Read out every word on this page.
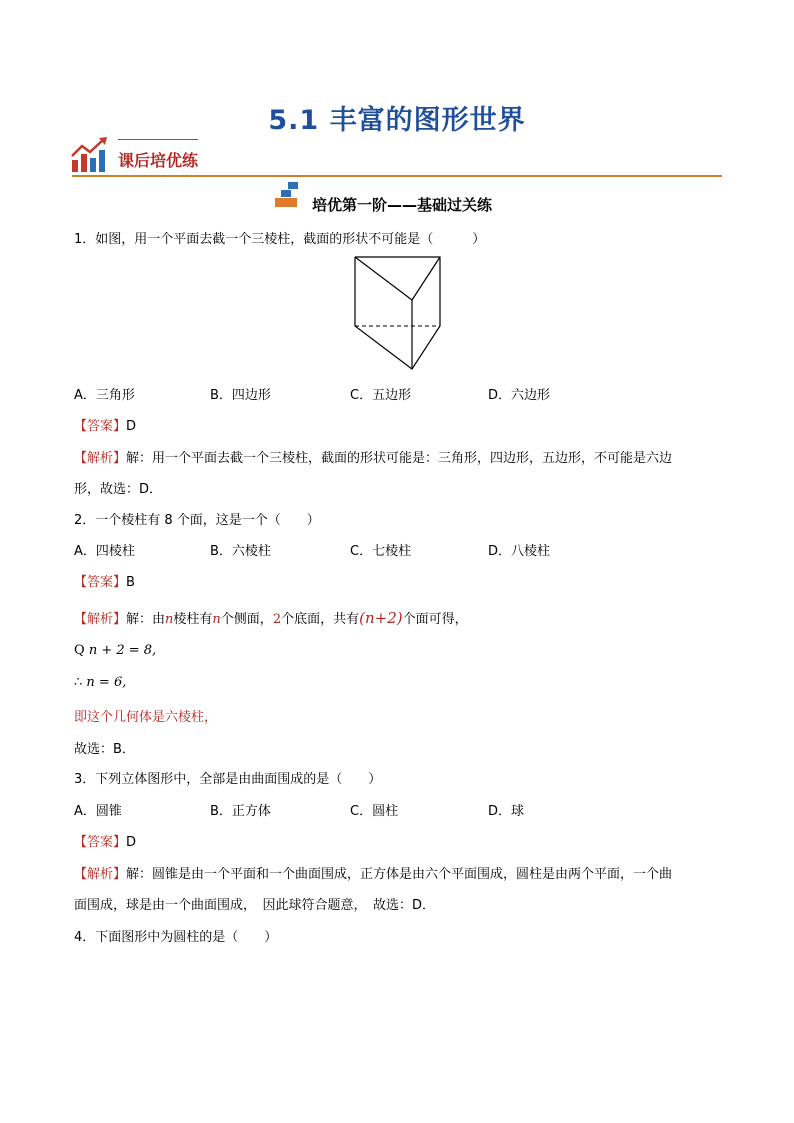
5.1 丰富的图形世界
课后培优练
培优第一阶——基础过关练
1．如图，用一个平面去截一个三棱柱，截面的形状不可能是（　　　）
A．三角形	B．四边形	C．五边形	D．六边形
【答案】D
【解析】解：用一个平面去截一个三棱柱，截面的形状可能是：三角形，四边形，五边形，不可能是六边
形，故选：D．
2．一个棱柱有 8 个面，这是一个（　　）
A．四棱柱	B．六棱柱	C．七棱柱	D．八棱柱
【答案】B
【解析】解：由n棱柱有n个侧面，2个底面，共有(n+2)个面可得，
Q n + 2 = 8,
∴ n = 6,
即这个几何体是六棱柱，
故选：B．
3．下列立体图形中，全部是由曲面围成的是（　　）
A．圆锥	B．正方体	C．圆柱	D．球
【答案】D
【解析】解：圆锥是由一个平面和一个曲面围成，正方体是由六个平面围成，圆柱是由两个平面，一个曲
面围成，球是由一个曲面围成，　因此球符合题意，　故选：D．
4．下面图形中为圆柱的是（　　）
